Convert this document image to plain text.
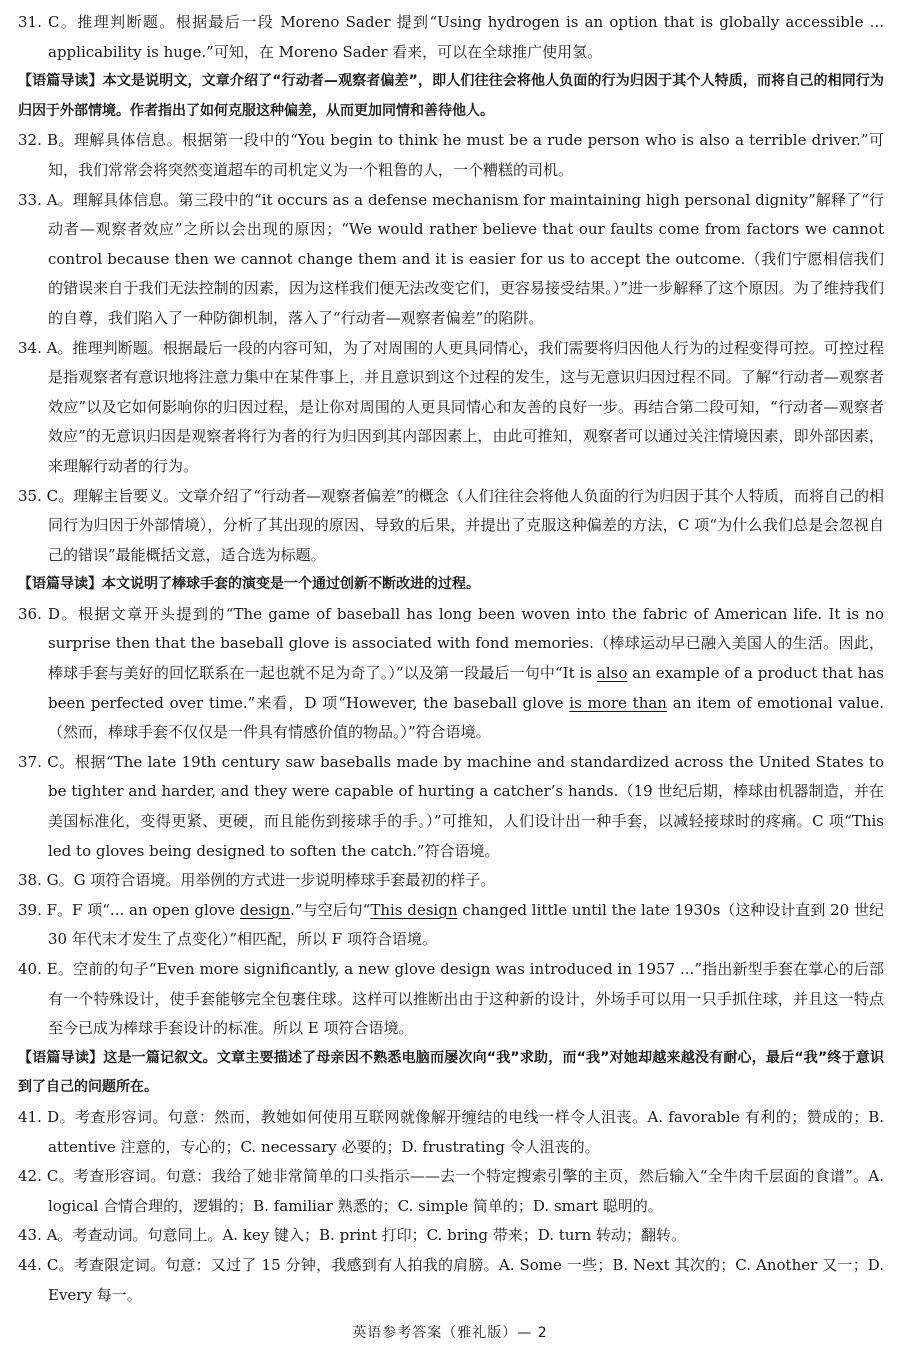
31. C。推理判断题。根据最后一段 Moreno Sader 提到“Using hydrogen is an option that is globally accessible ... applicability is huge.”可知，在 Moreno Sader 看来，可以在全球推广使用氢。

【语篇导读】本文是说明文，文章介绍了“行动者—观察者偏差”，即人们往往会将他人负面的行为归因于其个人特质，而将自己的相同行为归因于外部情境。作者指出了如何克服这种偏差，从而更加同情和善待他人。

32. B。理解具体信息。根据第一段中的“You begin to think he must be a rude person who is also a terrible driver.”可知，我们常常会将突然变道超车的司机定义为一个粗鲁的人，一个糟糕的司机。

33. A。理解具体信息。第三段中的“it occurs as a defense mechanism for maintaining high personal dignity”解释了“行动者—观察者效应”之所以会出现的原因；“We would rather believe that our faults come from factors we cannot control because then we cannot change them and it is easier for us to accept the outcome.（我们宁愿相信我们的错误来自于我们无法控制的因素，因为这样我们便无法改变它们，更容易接受结果。）”进一步解释了这个原因。为了维持我们的自尊，我们陷入了一种防御机制，落入了“行动者—观察者偏差”的陷阱。

34. A。推理判断题。根据最后一段的内容可知，为了对周围的人更具同情心，我们需要将归因他人行为的过程变得可控。可控过程是指观察者有意识地将注意力集中在某件事上，并且意识到这个过程的发生，这与无意识归因过程不同。了解“行动者—观察者效应”以及它如何影响你的归因过程，是让你对周围的人更具同情心和友善的良好一步。再结合第二段可知，“行动者—观察者效应”的无意识归因是观察者将行为者的行为归因到其内部因素上，由此可推知，观察者可以通过关注情境因素，即外部因素，来理解行动者的行为。

35. C。理解主旨要义。文章介绍了“行动者—观察者偏差”的概念（人们往往会将他人负面的行为归因于其个人特质，而将自己的相同行为归因于外部情境），分析了其出现的原因、导致的后果，并提出了克服这种偏差的方法，C 项“为什么我们总是会忽视自己的错误”最能概括文意，适合选为标题。

【语篇导读】本文说明了棒球手套的演变是一个通过创新不断改进的过程。

36. D。根据文章开头提到的“The game of baseball has long been woven into the fabric of American life. It is no surprise then that the baseball glove is associated with fond memories.（棒球运动早已融入美国人的生活。因此，棒球手套与美好的回忆联系在一起也就不足为奇了。）”以及第一段最后一句中“It is also an example of a product that has been perfected over time.”来看，D 项“However, the baseball glove is more than an item of emotional value.（然而，棒球手套不仅仅是一件具有情感价值的物品。）”符合语境。

37. C。根据“The late 19th century saw baseballs made by machine and standardized across the United States to be tighter and harder, and they were capable of hurting a catcher’s hands.（19 世纪后期，棒球由机器制造，并在美国标准化，变得更紧、更硬，而且能伤到接球手的手。）”可推知，人们设计出一种手套，以减轻接球时的疼痛。C 项“This led to gloves being designed to soften the catch.”符合语境。

38. G。G 项符合语境。用举例的方式进一步说明棒球手套最初的样子。

39. F。F 项“... an open glove design.”与空后句“This design changed little until the late 1930s（这种设计直到 20 世纪 30 年代末才发生了点变化）”相匹配，所以 F 项符合语境。

40. E。空前的句子“Even more significantly, a new glove design was introduced in 1957 ...”指出新型手套在掌心的后部有一个特殊设计，使手套能够完全包裹住球。这样可以推断出由于这种新的设计，外场手可以用一只手抓住球，并且这一特点至今已成为棒球手套设计的标准。所以 E 项符合语境。

【语篇导读】这是一篇记叙文。文章主要描述了母亲因不熟悉电脑而屡次向“我”求助，而“我”对她却越来越没有耐心，最后“我”终于意识到了自己的问题所在。

41. D。考查形容词。句意：然而，教她如何使用互联网就像解开缠结的电线一样令人沮丧。A. favorable 有利的；赞成的；B. attentive 注意的，专心的；C. necessary 必要的；D. frustrating 令人沮丧的。

42. C。考查形容词。句意：我给了她非常简单的口头指示——去一个特定搜索引擎的主页，然后输入“全牛肉千层面的食谱”。A. logical 合情合理的，逻辑的；B. familiar 熟悉的；C. simple 简单的；D. smart 聪明的。

43. A。考查动词。句意同上。A. key 键入；B. print 打印；C. bring 带来；D. turn 转动；翻转。

44. C。考查限定词。句意：又过了 15 分钟，我感到有人拍我的肩膀。A. Some 一些；B. Next 其次的；C. Another 又一；D. Every 每一。

英语参考答案（雅礼版）— 2
